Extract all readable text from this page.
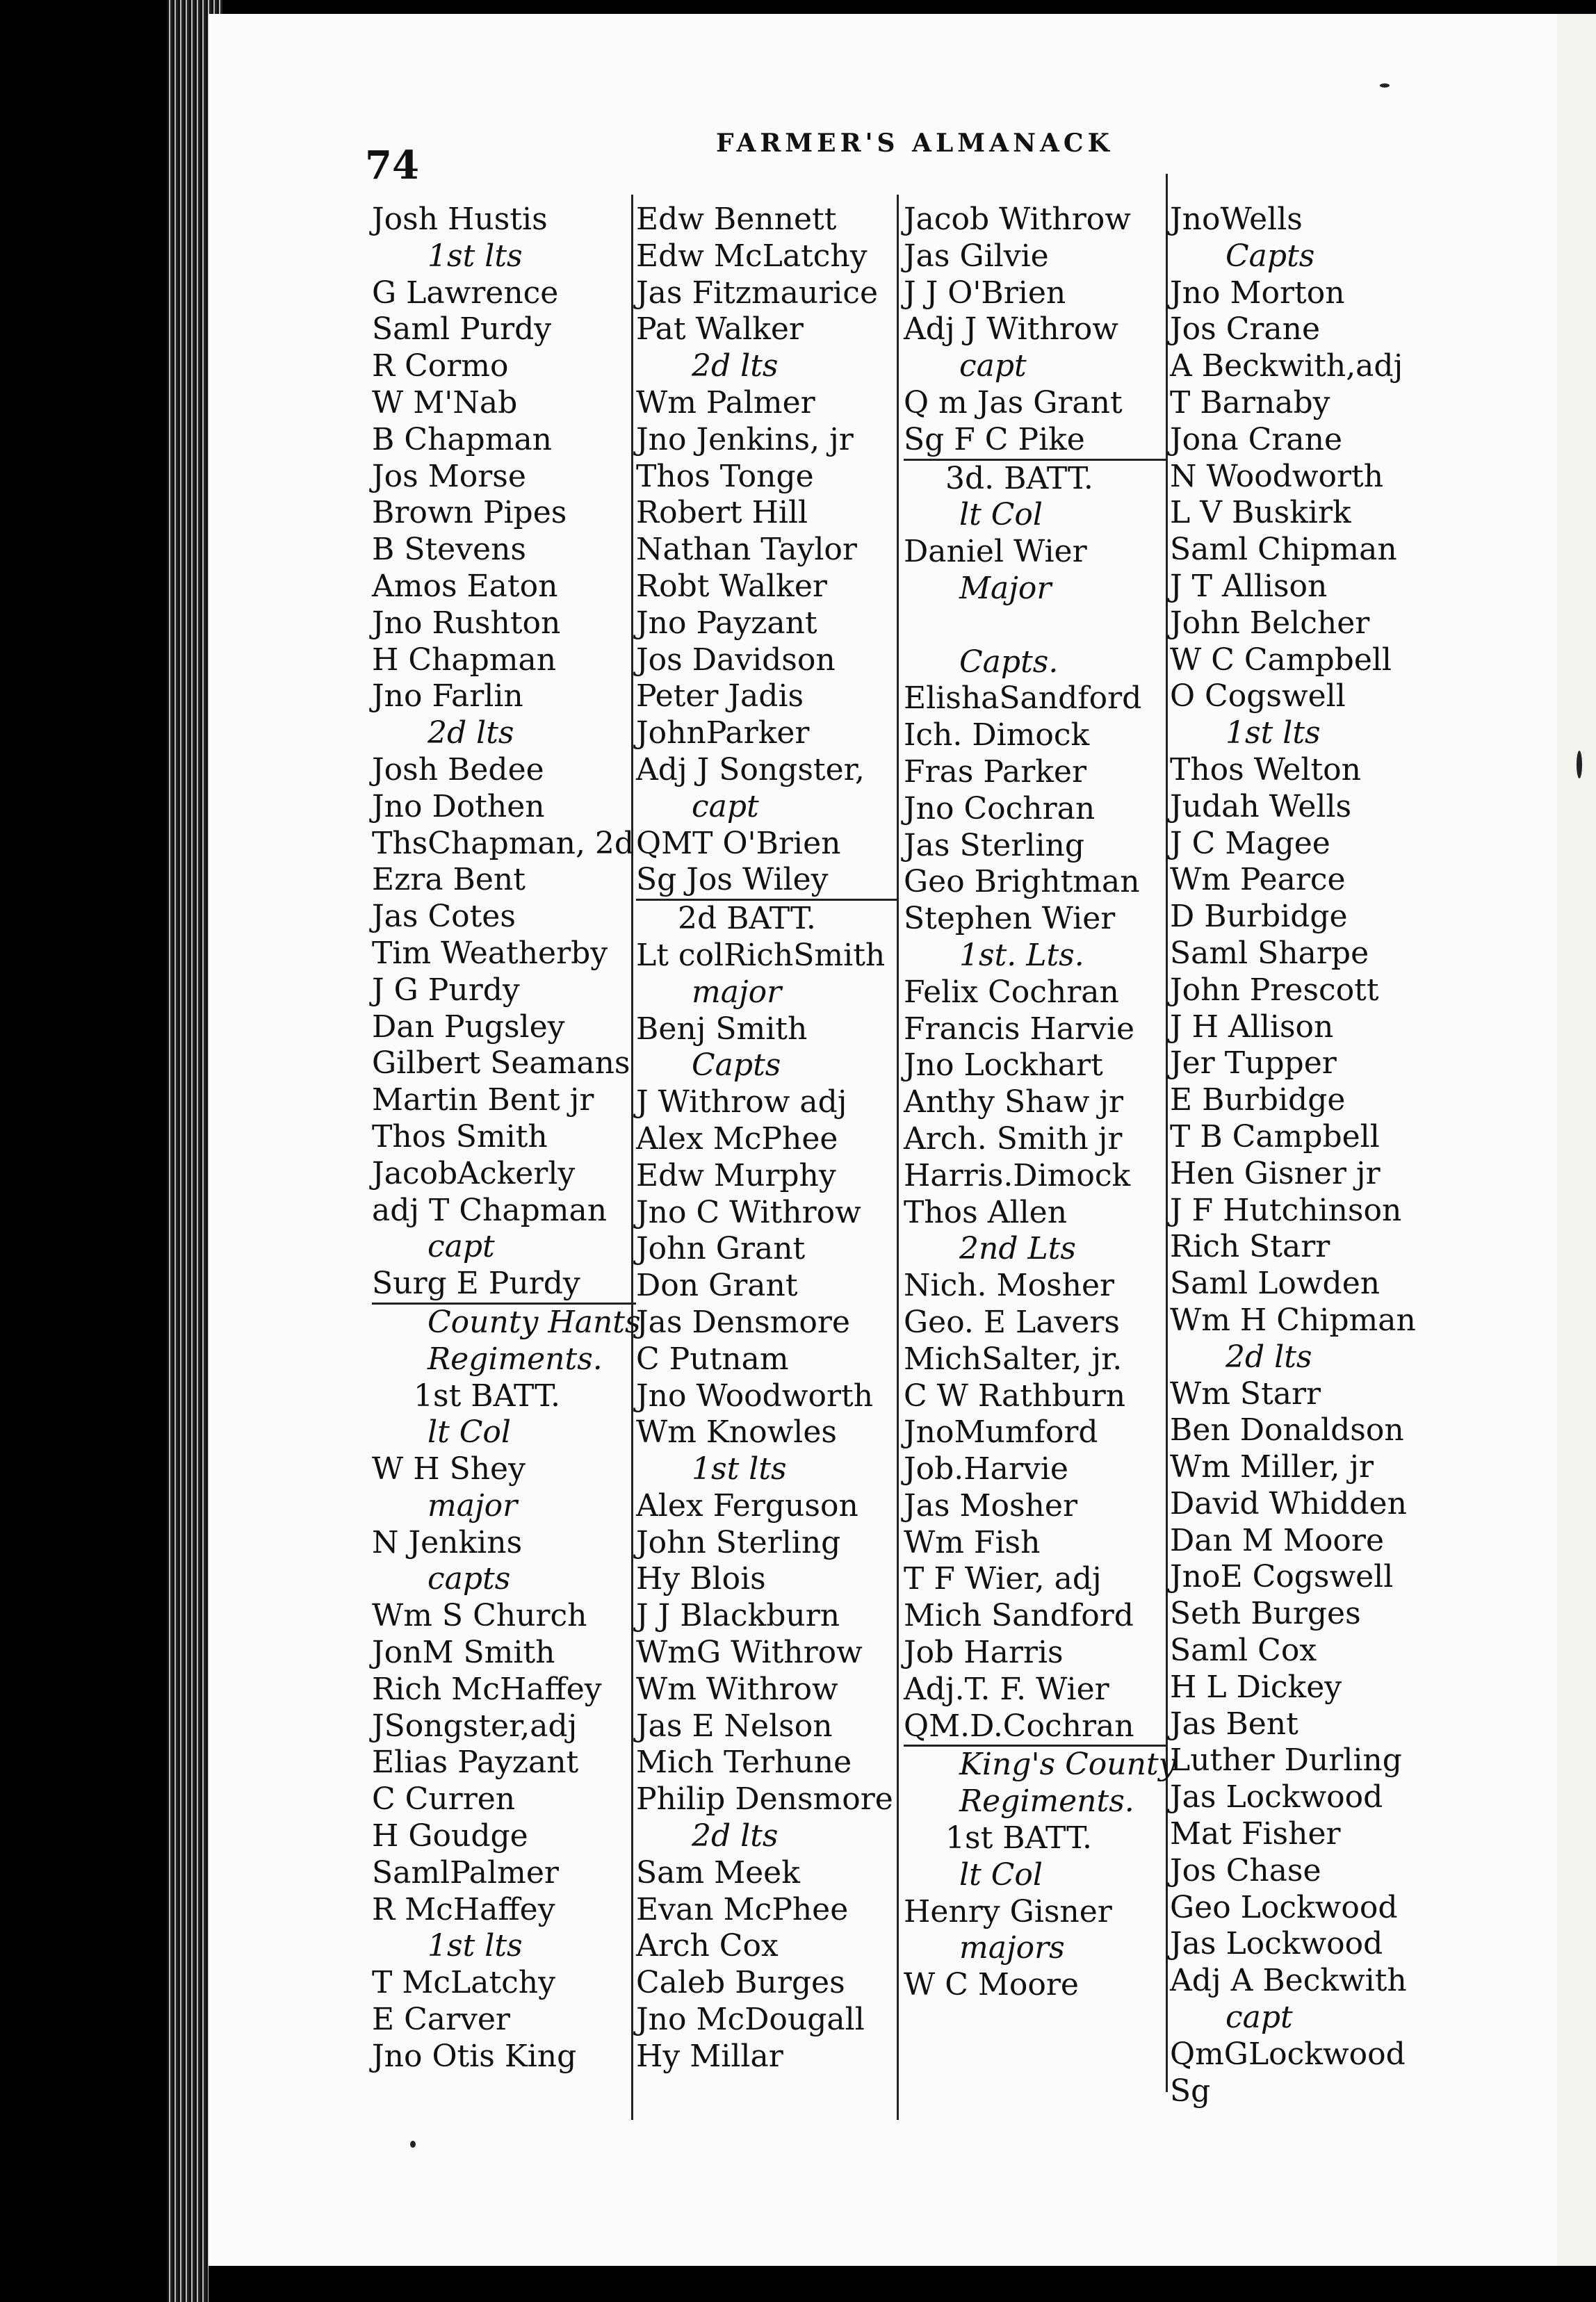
74	FARMER'S ALMANACK
Josh Hustis
1st lts
G Lawrence
Saml Purdy
R Cormo
W M'Nab
B Chapman
Jos Morse
Brown Pipes
B Stevens
Amos Eaton
Jno Rushton
H Chapman
Jno Farlin
2d lts
Josh Bedee
Jno Dothen
ThsChapman, 2d
Ezra Bent
Jas Cotes
Tim Weatherby
J G Purdy
Dan Pugsley
Gilbert Seamans
Martin Bent jr
Thos Smith
JacobAckerly
adj T Chapman
capt
Surg E Purdy
County Hants
Regiments.
1st BATT.
lt Col
W H Shey
major
N Jenkins
capts
Wm S Church
JonM Smith
Rich McHaffey
JSongster,adj
Elias Payzant
C Curren
H Goudge
SamlPalmer
R McHaffey
1st lts
T McLatchy
E Carver
Jno Otis King
Edw Bennett
Edw McLatchy
Jas Fitzmaurice
Pat Walker
2d lts
Wm Palmer
Jno Jenkins, jr
Thos Tonge
Robert Hill
Nathan Taylor
Robt Walker
Jno Payzant
Jos Davidson
Peter Jadis
JohnParker
Adj J Songster,
capt
QMT O'Brien
Sg Jos Wiley
2d BATT.
Lt colRichSmith
major
Benj Smith
Capts
J Withrow adj
Alex McPhee
Edw Murphy
Jno C Withrow
John Grant
Don Grant
Jas Densmore
C Putnam
Jno Woodworth
Wm Knowles
1st lts
Alex Ferguson
John Sterling
Hy Blois
J J Blackburn
WmG Withrow
Wm Withrow
Jas E Nelson
Mich Terhune
Philip Densmore
2d lts
Sam Meek
Evan McPhee
Arch Cox
Caleb Burges
Jno McDougall
Hy Millar
Jacob Withrow
Jas Gilvie
J J O'Brien
Adj J Withrow
capt
Q m Jas Grant
Sg F C Pike
3d. BATT.
lt Col
Daniel Wier
Major
Capts.
ElishaSandford
Ich. Dimock
Fras Parker
Jno Cochran
Jas Sterling
Geo Brightman
Stephen Wier
1st. Lts.
Felix Cochran
Francis Harvie
Jno Lockhart
Anthy Shaw jr
Arch. Smith jr
Harris.Dimock
Thos Allen
2nd Lts
Nich. Mosher
Geo. E Lavers
MichSalter, jr.
C W Rathburn
JnoMumford
Job.Harvie
Jas Mosher
Wm Fish
T F Wier, adj
Mich Sandford
Job Harris
Adj.T. F. Wier
QM.D.Cochran
King's County
Regiments.
1st BATT.
lt Col
Henry Gisner
majors
W C Moore
JnoWells
Capts
Jno Morton
Jos Crane
A Beckwith,adj
T Barnaby
Jona Crane
N Woodworth
L V Buskirk
Saml Chipman
J T Allison
John Belcher
W C Campbell
O Cogswell
1st lts
Thos Welton
Judah Wells
J C Magee
Wm Pearce
D Burbidge
Saml Sharpe
John Prescott
J H Allison
Jer Tupper
E Burbidge
T B Campbell
Hen Gisner jr
J F Hutchinson
Rich Starr
Saml Lowden
Wm H Chipman
2d lts
Wm Starr
Ben Donaldson
Wm Miller, jr
David Whidden
Dan M Moore
JnoE Cogswell
Seth Burges
Saml Cox
H L Dickey
Jas Bent
Luther Durling
Jas Lockwood
Mat Fisher
Jos Chase
Geo Lockwood
Jas Lockwood
Adj A Beckwith
capt
QmGLockwood
Sg
